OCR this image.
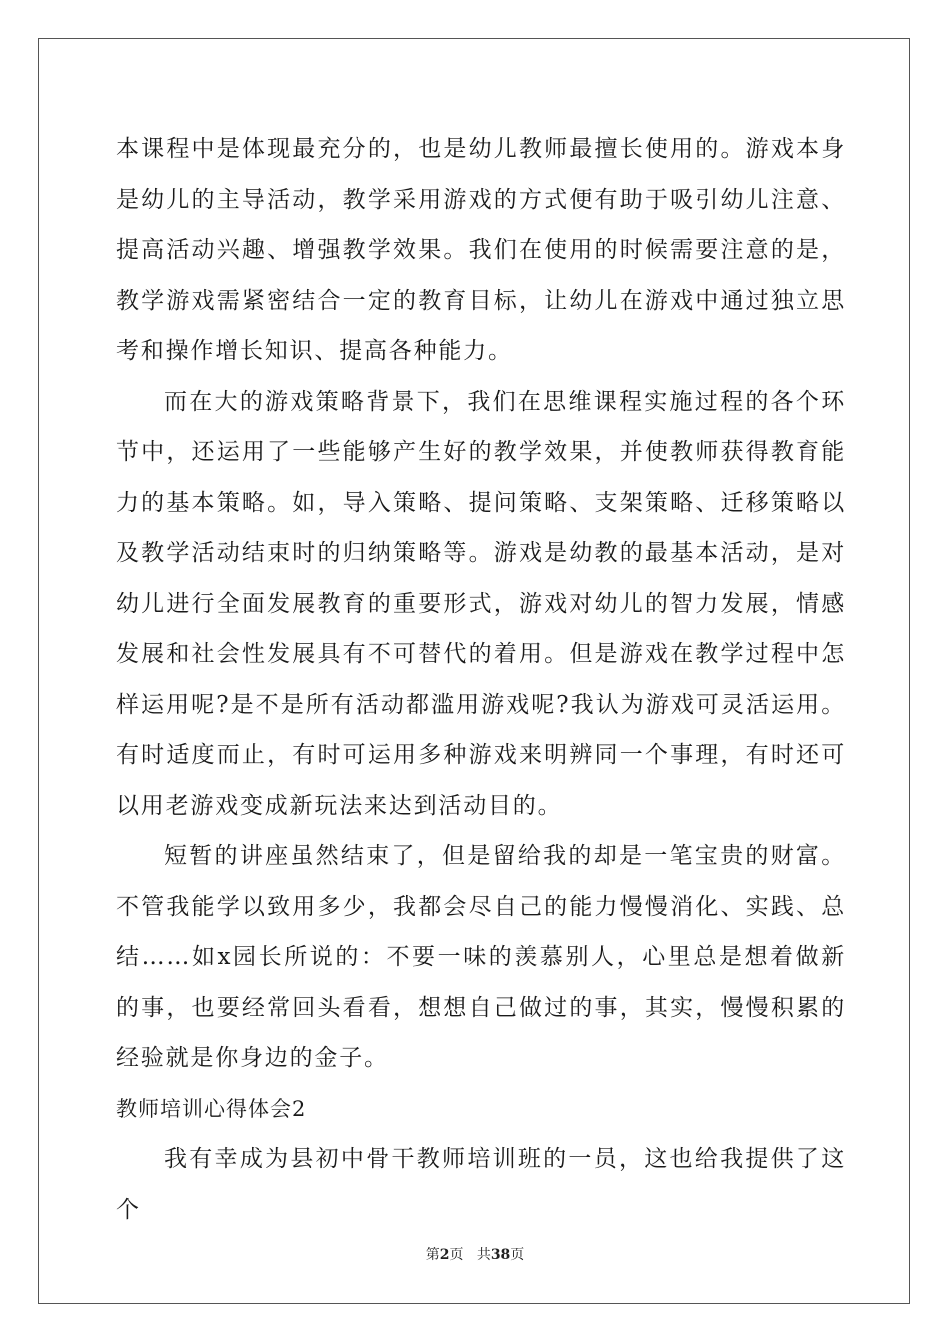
本课程中是体现最充分的，也是幼儿教师最擅长使用的。游戏本身是幼儿的主导活动，教学采用游戏的方式便有助于吸引幼儿注意、提高活动兴趣、增强教学效果。我们在使用的时候需要注意的是，教学游戏需紧密结合一定的教育目标，让幼儿在游戏中通过独立思考和操作增长知识、提高各种能力。

而在大的游戏策略背景下，我们在思维课程实施过程的各个环节中，还运用了一些能够产生好的教学效果，并使教师获得教育能力的基本策略。如，导入策略、提问策略、支架策略、迁移策略以及教学活动结束时的归纳策略等。游戏是幼教的最基本活动，是对幼儿进行全面发展教育的重要形式，游戏对幼儿的智力发展，情感发展和社会性发展具有不可替代的着用。但是游戏在教学过程中怎样运用呢?是不是所有活动都滥用游戏呢?我认为游戏可灵活运用。有时适度而止，有时可运用多种游戏来明辨同一个事理，有时还可以用老游戏变成新玩法来达到活动目的。

短暂的讲座虽然结束了，但是留给我的却是一笔宝贵的财富。不管我能学以致用多少，我都会尽自己的能力慢慢消化、实践、总结……如x园长所说的：不要一味的羡慕别人，心里总是想着做新的事，也要经常回头看看，想想自己做过的事，其实，慢慢积累的经验就是你身边的金子。

教师培训心得体会2

我有幸成为县初中骨干教师培训班的一员，这也给我提供了这个

第2页 共38页
